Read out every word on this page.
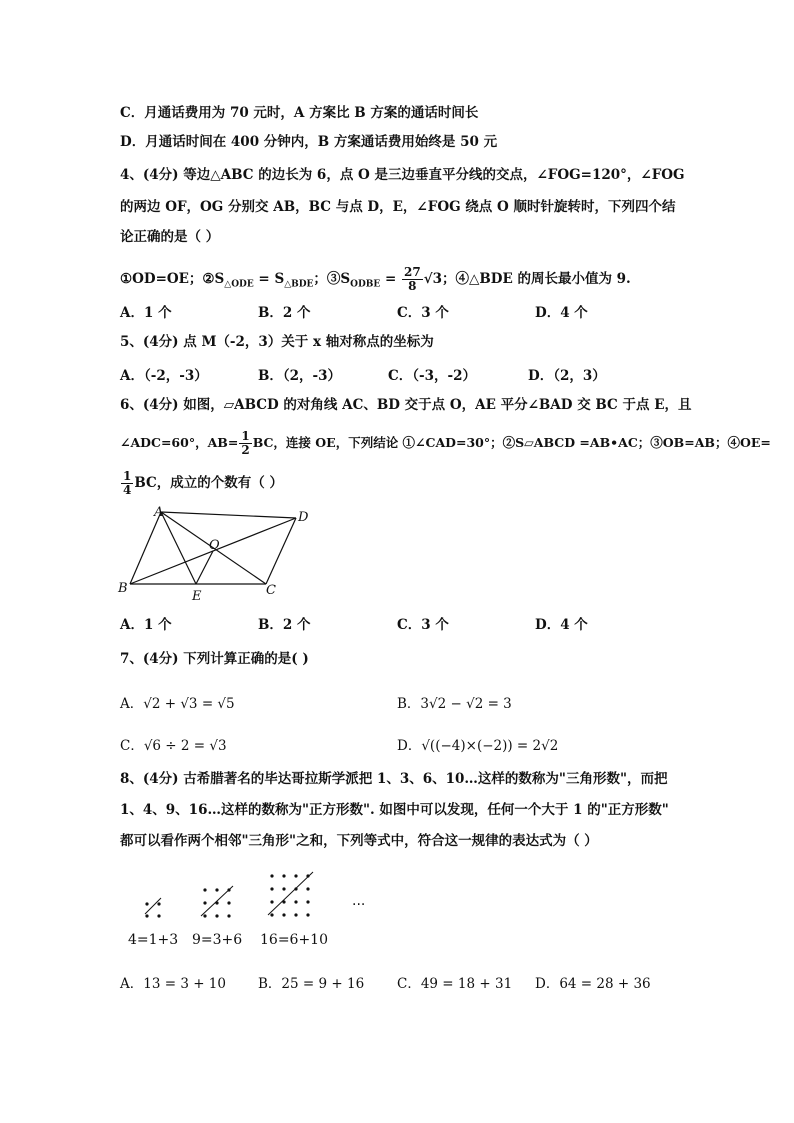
C．月通话费用为 70 元时，A 方案比 B 方案的通话时间长
D．月通话时间在 400 分钟内，B 方案通话费用始终是 50 元
4、(4分) 等边△ABC 的边长为 6，点 O 是三边垂直平分线的交点，∠FOG=120°，∠FOG
的两边 OF，OG 分别交 AB，BC 与点 D，E，∠FOG 绕点 O 顺时针旋转时，下列四个结
论正确的是（ ）
①OD=OE；$②S_{\triangle ODE} = S_{\triangle BDE}$；$③S_{ODBE} = \frac{27}{8} √3$；④△BDE 的周长最小值为 9.
A．1 个	B．2 个	C．3 个	D．4 个
5、(4分) 点 M（-2，3）关于 x 轴对称点的坐标为
A．（-2，-3）	B．（2，-3）	C．（-3，-2）	D．（2，3）
6、(4分) 如图，▱ABCD 的对角线 AC、BD 交于点 O，AE 平分∠BAD 交 BC 于点 E，且
∠ADC=60°，$AB= \frac{1}{2}$ BC，连接 OE，下列结论 ①∠CAD=30°；②S▱ABCD =AB•AC；③OB=AB；④OE=
$\frac{1}{4}$ BC，成立的个数有（ ）
A	D
O
B
E	C
A．1 个	B．2 个	C．3 个	D．4 个
7、(4分) 下列计算正确的是( )
A．√2 + √3 = √5	B．3√2 − √2 = 3
C．√6 ÷ 2 = √3	D．√((−4)×(−2)) = 2√2
8、(4分) 古希腊著名的毕达哥拉斯学派把 1、3、6、10…这样的数称为"三角形数"，而把
1、4、9、16…这样的数称为"正方形数". 如图中可以发现，任何一个大于 1 的"正方形数"
都可以看作两个相邻"三角形"之和，下列等式中，符合这一规律的表达式为（ ）
···
4=1+3 9=3+6 16=6+10
A．13 = 3 + 10 B．25 = 9 + 16 C．49 = 18 + 31 D．64 = 28 + 36
